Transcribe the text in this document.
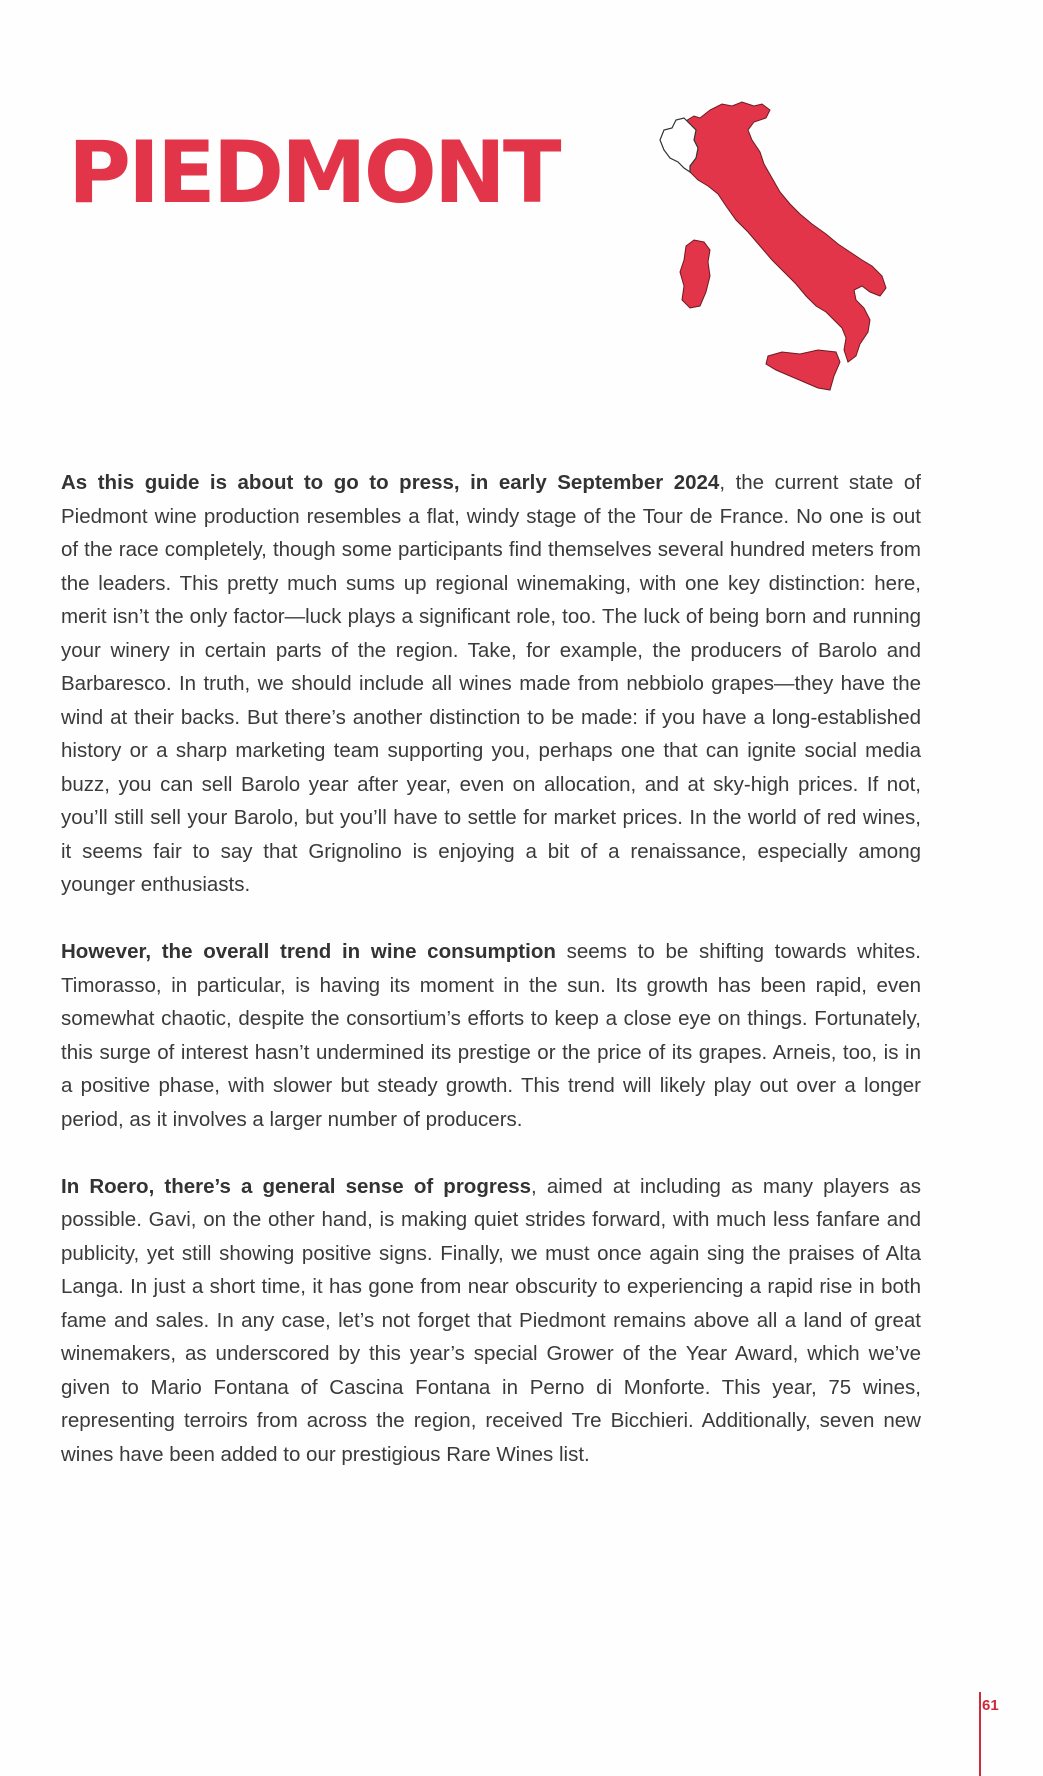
PIEDMONT

As this guide is about to go to press, in early September 2024, the current state of Piedmont wine production resembles a flat, windy stage of the Tour de France. No one is out of the race completely, though some participants find themselves several hundred meters from the leaders. This pretty much sums up regional winemaking, with one key distinction: here, merit isn’t the only factor—luck plays a significant role, too. The luck of being born and running your winery in certain parts of the region. Take, for example, the producers of Barolo and Barbaresco. In truth, we should include all wines made from nebbiolo grapes—they have the wind at their backs. But there’s another distinction to be made: if you have a long-established history or a sharp marketing team supporting you, perhaps one that can ignite social media buzz, you can sell Barolo year after year, even on allocation, and at sky-high prices. If not, you’ll still sell your Barolo, but you’ll have to settle for market prices. In the world of red wines, it seems fair to say that Grignolino is enjoying a bit of a renaissance, especially among younger enthusiasts.

However, the overall trend in wine consumption seems to be shifting towards whites. Timorasso, in particular, is having its moment in the sun. Its growth has been rapid, even somewhat chaotic, despite the consortium’s efforts to keep a close eye on things. Fortunately, this surge of interest hasn’t undermined its prestige or the price of its grapes. Arneis, too, is in a positive phase, with slower but steady growth. This trend will likely play out over a longer period, as it involves a larger number of producers.

In Roero, there’s a general sense of progress, aimed at including as many players as possible. Gavi, on the other hand, is making quiet strides forward, with much less fanfare and publicity, yet still showing positive signs. Finally, we must once again sing the praises of Alta Langa. In just a short time, it has gone from near obscurity to experiencing a rapid rise in both fame and sales. In any case, let’s not forget that Piedmont remains above all a land of great winemakers, as underscored by this year’s special Grower of the Year Award, which we’ve given to Mario Fontana of Cascina Fontana in Perno di Monforte. This year, 75 wines, representing terroirs from across the region, received Tre Bicchieri. Additionally, seven new wines have been added to our prestigious Rare Wines list.

61
